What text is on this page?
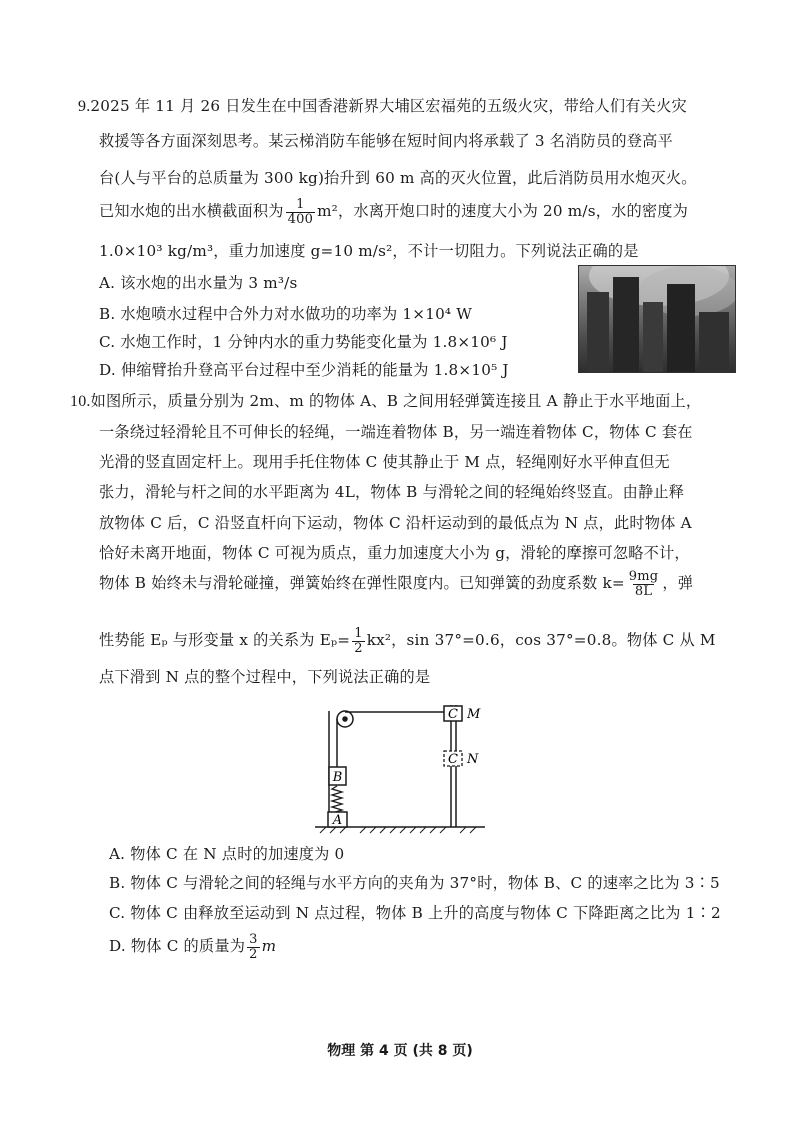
9.2025 年 11 月 26 日发生在中国香港新界大埔区宏福苑的五级火灾，带给人们有关火灾
救援等各方面深刻思考。某云梯消防车能够在短时间内将承载了 3 名消防员的登高平
台(人与平台的总质量为 300 kg)抬升到 60 m 高的灭火位置，此后消防员用水炮灭火。
已知水炮的出水横截面积为 $\frac{1}{400} m^2$，水离开炮口时的速度大小为 20 m/s，水的密度为
1.0×10³ kg/m³，重力加速度 g=10 m/s²，不计一切阻力。下列说法正确的是
A. 该水炮的出水量为 3 m³/s
B. 水炮喷水过程中合外力对水做功的功率为 1×10⁴ W
C. 水炮工作时，1 分钟内水的重力势能变化量为 1.8×10⁶ J
D. 伸缩臂抬升登高平台过程中至少消耗的能量为 1.8×10⁵ J
10.如图所示，质量分别为 2m、m 的物体 A、B 之间用轻弹簧连接且 A 静止于水平地面上，
一条绕过轻滑轮且不可伸长的轻绳，一端连着物体 B，另一端连着物体 C，物体 C 套在
光滑的竖直固定杆上。现用手托住物体 C 使其静止于 M 点，轻绳刚好水平伸直但无
张力，滑轮与杆之间的水平距离为 4L，物体 B 与滑轮之间的轻绳始终竖直。由静止释
放物体 C 后，C 沿竖直杆向下运动，物体 C 沿杆运动到的最低点为 N 点，此时物体 A
恰好未离开地面，物体 C 可视为质点，重力加速度大小为 g，滑轮的摩擦可忽略不计，
物体 B 始终未与滑轮碰撞，弹簧始终在弹性限度内。已知弹簧的劲度系数 $k= \frac{9mg}{8L}$ ，弹
性势能 Eₚ 与形变量 x 的关系为 $E_p= \frac{1}{2} kx^2$，sin 37°=0.6，cos 37°=0.8。物体 C 从 M
点下滑到 N 点的整个过程中，下列说法正确的是
B
A
C M
C N
A. 物体 C 在 N 点时的加速度为 0
B. 物体 C 与滑轮之间的轻绳与水平方向的夹角为 37°时，物体 B、C 的速率之比为 3∶5
C. 物体 C 由释放至运动到 N 点过程，物体 B 上升的高度与物体 C 下降距离之比为 1∶2
D. 物体 C 的质量为 $\frac{3}{2}$ m
物理 第 4 页 (共 8 页)
